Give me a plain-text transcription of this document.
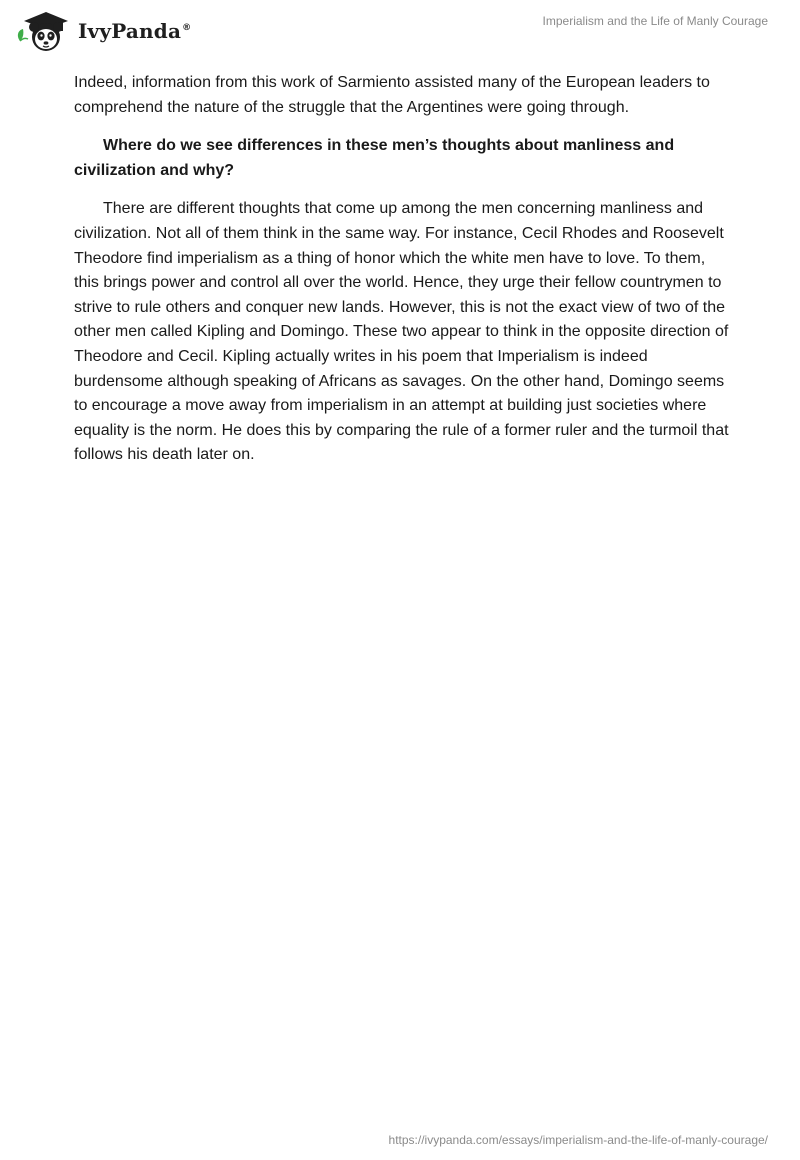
IvyPanda®
Imperialism and the Life of Manly Courage

Indeed, information from this work of Sarmiento assisted many of the European leaders to comprehend the nature of the struggle that the Argentines were going through.

Where do we see differences in these men’s thoughts about manliness and civilization and why?

There are different thoughts that come up among the men concerning manliness and civilization. Not all of them think in the same way. For instance, Cecil Rhodes and Roosevelt Theodore find imperialism as a thing of honor which the white men have to love. To them, this brings power and control all over the world. Hence, they urge their fellow countrymen to strive to rule others and conquer new lands. However, this is not the exact view of two of the other men called Kipling and Domingo. These two appear to think in the opposite direction of Theodore and Cecil. Kipling actually writes in his poem that Imperialism is indeed burdensome although speaking of Africans as savages. On the other hand, Domingo seems to encourage a move away from imperialism in an attempt at building just societies where equality is the norm. He does this by comparing the rule of a former ruler and the turmoil that follows his death later on.

https://ivypanda.com/essays/imperialism-and-the-life-of-manly-courage/
